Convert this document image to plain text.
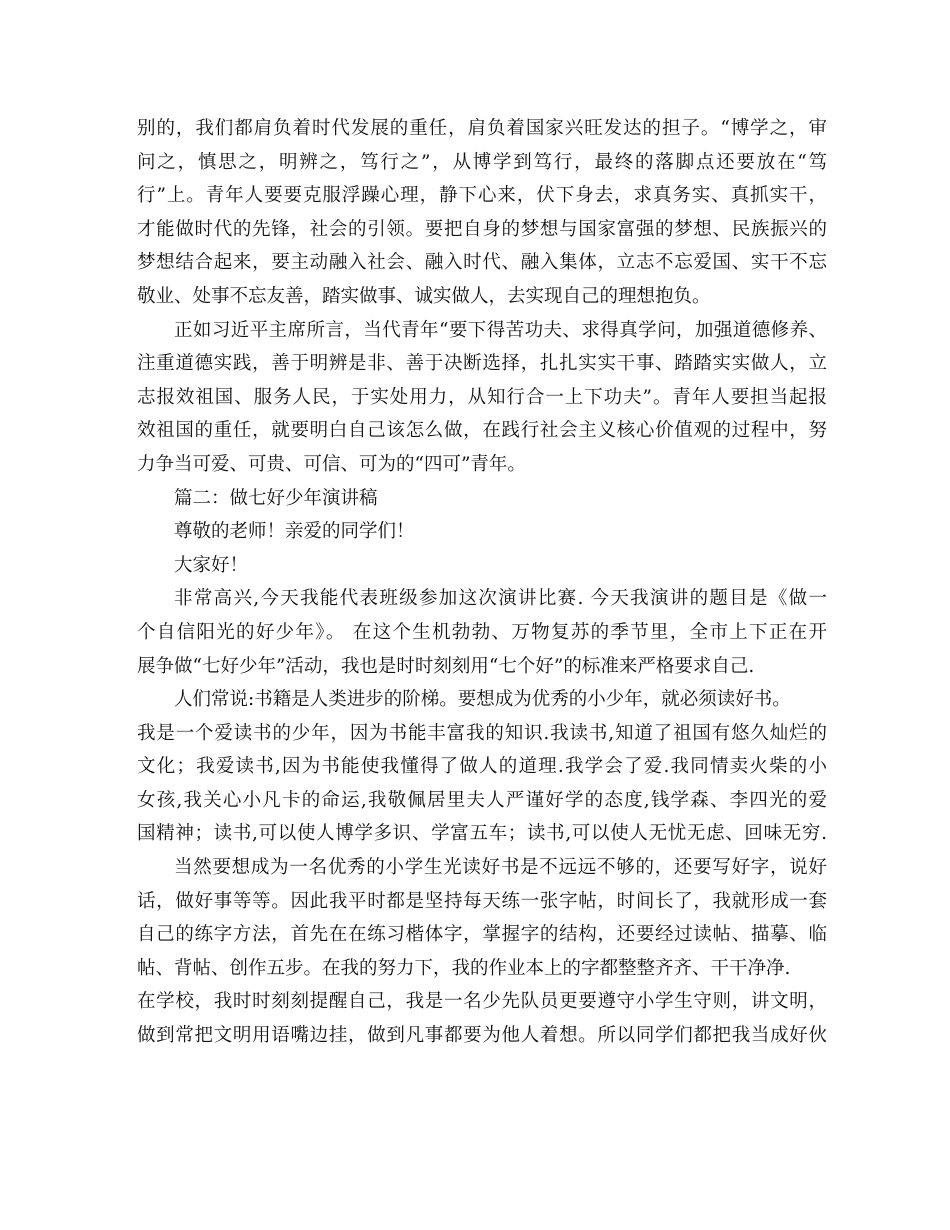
别的，我们都肩负着时代发展的重任，肩负着国家兴旺发达的担子。“博学之，审
问之，慎思之，明辨之，笃行之”，从博学到笃行，最终的落脚点还要放在“笃
行”上。青年人要要克服浮躁心理，静下心来，伏下身去，求真务实、真抓实干，
才能做时代的先锋，社会的引领。要把自身的梦想与国家富强的梦想、民族振兴的
梦想结合起来，要主动融入社会、融入时代、融入集体，立志不忘爱国、实干不忘
敬业、处事不忘友善，踏实做事、诚实做人，去实现自己的理想抱负。
正如习近平主席所言，当代青年“要下得苦功夫、求得真学问，加强道德修养、
注重道德实践，善于明辨是非、善于决断选择，扎扎实实干事、踏踏实实做人，立
志报效祖国、服务人民，于实处用力，从知行合一上下功夫”。青年人要担当起报
效祖国的重任，就要明白自己该怎么做，在践行社会主义核心价值观的过程中，努
力争当可爱、可贵、可信、可为的“四可”青年。
篇二：做七好少年演讲稿
尊敬的老师！亲爱的同学们！
大家好！
非常高兴,今天我能代表班级参加这次演讲比赛. 今天我演讲的题目是《做一
个自信阳光的好少年》。 在这个生机勃勃、万物复苏的季节里，全市上下正在开
展争做“七好少年”活动，我也是时时刻刻用“七个好”的标准来严格要求自己.
人们常说:书籍是人类进步的阶梯。要想成为优秀的小少年，就必须读好书。
我是一个爱读书的少年，因为书能丰富我的知识.我读书,知道了祖国有悠久灿烂的
文化；我爱读书,因为书能使我懂得了做人的道理.我学会了爱.我同情卖火柴的小
女孩,我关心小凡卡的命运,我敬佩居里夫人严谨好学的态度,钱学森、李四光的爱
国精神；读书,可以使人博学多识、学富五车；读书,可以使人无忧无虑、回味无穷.
当然要想成为一名优秀的小学生光读好书是不远远不够的，还要写好字，说好
话，做好事等等。因此我平时都是坚持每天练一张字帖，时间长了，我就形成一套
自己的练字方法，首先在在练习楷体字，掌握字的结构，还要经过读帖、描摹、临
帖、背帖、创作五步。在我的努力下，我的作业本上的字都整整齐齐、干干净净.
在学校，我时时刻刻提醒自己，我是一名少先队员更要遵守小学生守则，讲文明，
做到常把文明用语嘴边挂，做到凡事都要为他人着想。所以同学们都把我当成好伙
